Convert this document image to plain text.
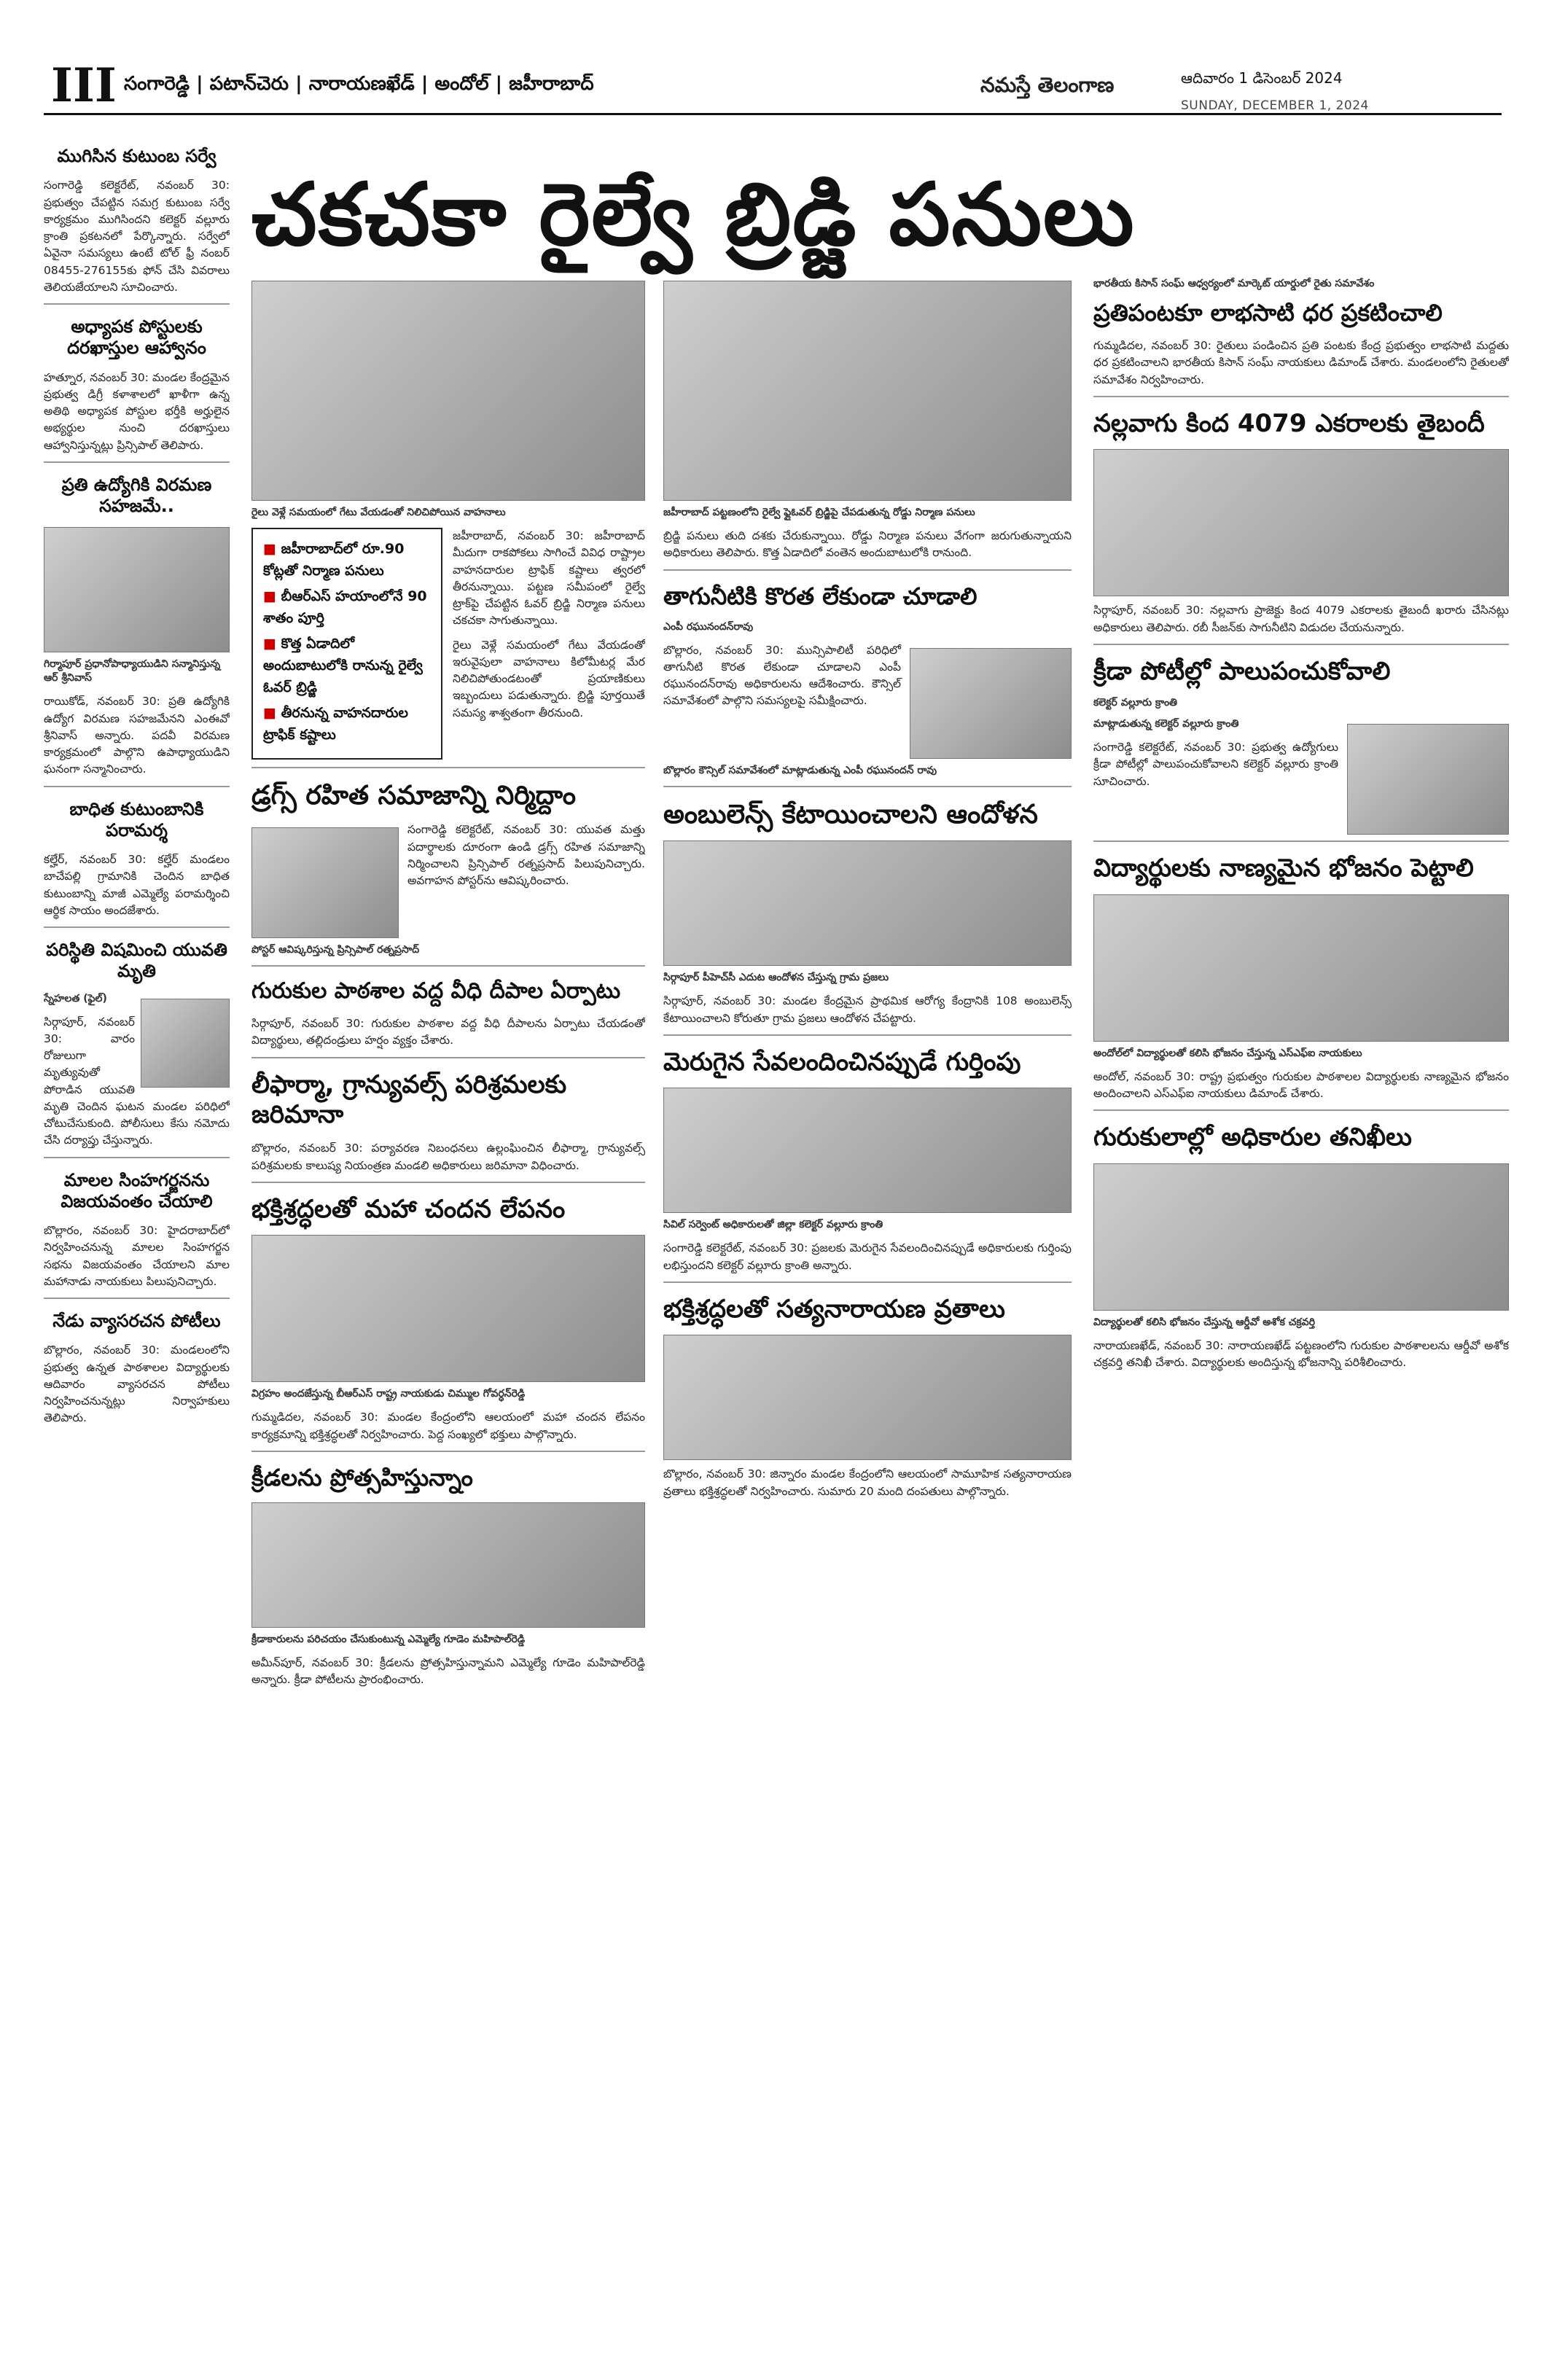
III సంగారెడ్డి | పటాన్‌చెరు | నారాయణఖేడ్ | అందోల్ | జహీరాబాద్	నమస్తే తెలంగాణ	ఆదివారం 1 డిసెంబర్ 2024
SUNDAY, DECEMBER 1, 2024
చకచకా రైల్వే బ్రిడ్జి పనులు
ముగిసిన కుటుంబ సర్వే
సంగారెడ్డి కలెక్టరేట్, నవంబర్ 30: ప్రభుత్వం చేపట్టిన సమగ్ర కుటుంబ సర్వే కార్యక్రమం ముగిసిందని కలెక్టర్ వల్లూరు క్రాంతి ప్రకటనలో పేర్కొన్నారు. సర్వేలో ఏవైనా సమస్యలు ఉంటే టోల్ ఫ్రీ నంబర్ 08455-276155కు ఫోన్ చేసి వివరాలు తెలియజేయాలని సూచించారు.
అధ్యాపక పోస్టులకు దరఖాస్తుల ఆహ్వానం
హత్నూర, నవంబర్ 30: మండల కేంద్రమైన ప్రభుత్వ డిగ్రీ కళాశాలలో ఖాళీగా ఉన్న అతిథి అధ్యాపక పోస్టుల భర్తీకి అర్హులైన అభ్యర్థుల నుంచి దరఖాస్తులు ఆహ్వానిస్తున్నట్లు ప్రిన్సిపాల్ తెలిపారు.
ప్రతి ఉద్యోగికి విరమణ సహజమే..
గిర్మాపూర్ ప్రధానోపాధ్యాయుడిని సన్మానిస్తున్న ఆర్ శ్రీనివాస్
రాయికోడ్, నవంబర్ 30: ప్రతి ఉద్యోగికి ఉద్యోగ విరమణ సహజమేనని ఎంఈవో శ్రీనివాస్ అన్నారు. పదవీ విరమణ కార్యక్రమంలో పాల్గొని ఉపాధ్యాయుడిని ఘనంగా సన్మానించారు.
బాధిత కుటుంబానికి పరామర్శ
కల్హేర్, నవంబర్ 30: కల్హేర్ మండలం బాచేపల్లి గ్రామానికి చెందిన బాధిత కుటుంబాన్ని మాజీ ఎమ్మెల్యే పరామర్శించి ఆర్థిక సాయం అందజేశారు.
పరిస్థితి విషమించి యువతి మృతి
స్నేహలత (ఫైల్)
సిర్గాపూర్, నవంబర్ 30: వారం రోజులుగా మృత్యువుతో పోరాడిన యువతి మృతి చెందిన ఘటన మండల పరిధిలో చోటుచేసుకుంది. పోలీసులు కేసు నమోదు చేసి దర్యాప్తు చేస్తున్నారు.
మాలల సింహగర్జనను విజయవంతం చేయాలి
బొల్లారం, నవంబర్ 30: హైదరాబాద్‌లో నిర్వహించనున్న మాలల సింహగర్జన సభను విజయవంతం చేయాలని మాల మహానాడు నాయకులు పిలుపునిచ్చారు.
నేడు వ్యాసరచన పోటీలు
బొల్లారం, నవంబర్ 30: మండలంలోని ప్రభుత్వ ఉన్నత పాఠశాలల విద్యార్థులకు ఆదివారం వ్యాసరచన పోటీలు నిర్వహించనున్నట్లు నిర్వాహకులు తెలిపారు.
రైలు వెళ్లే సమయంలో గేటు వేయడంతో నిలిచిపోయిన వాహనాలు
■ జహీరాబాద్‌లో రూ.90 కోట్లతో నిర్మాణ పనులు
■ బీఆర్‌ఎస్ హయాంలోనే 90 శాతం పూర్తి
■ కొత్త ఏడాదిలో అందుబాటులోకి రానున్న రైల్వే ఓవర్ బ్రిడ్జి
■ తీరనున్న వాహనదారుల ట్రాఫిక్ కష్టాలు
జహీరాబాద్, నవంబర్ 30: జహీరాబాద్ మీదుగా రాకపోకలు సాగించే వివిధ రాష్ట్రాల వాహనదారుల ట్రాఫిక్ కష్టాలు త్వరలో తీరనున్నాయి. పట్టణ సమీపంలో రైల్వే ట్రాక్‌పై చేపట్టిన ఓవర్ బ్రిడ్జి నిర్మాణ పనులు చకచకా సాగుతున్నాయి.
రైలు వెళ్లే సమయంలో గేటు వేయడంతో ఇరువైపులా వాహనాలు కిలోమీటర్ల మేర నిలిచిపోతుండటంతో ప్రయాణికులు ఇబ్బందులు పడుతున్నారు. బ్రిడ్జి పూర్తయితే సమస్య శాశ్వతంగా తీరనుంది.
డ్రగ్స్ రహిత సమాజాన్ని నిర్మిద్దాం
సంగారెడ్డి కలెక్టరేట్, నవంబర్ 30: యువత మత్తు పదార్థాలకు దూరంగా ఉండి డ్రగ్స్ రహిత సమాజాన్ని నిర్మించాలని ప్రిన్సిపాల్ రత్నప్రసాద్ పిలుపునిచ్చారు. అవగాహన పోస్టర్‌ను ఆవిష్కరించారు.
పోస్టర్ ఆవిష్కరిస్తున్న ప్రిన్సిపాల్ రత్నప్రసాద్
గురుకుల పాఠశాల వద్ద వీధి దీపాల ఏర్పాటు
సిర్గాపూర్, నవంబర్ 30: గురుకుల పాఠశాల వద్ద వీధి దీపాలను ఏర్పాటు చేయడంతో విద్యార్థులు, తల్లిదండ్రులు హర్షం వ్యక్తం చేశారు.
లీఫార్మా, గ్రాన్యువల్స్ పరిశ్రమలకు జరిమానా
బొల్లారం, నవంబర్ 30: పర్యావరణ నిబంధనలు ఉల్లంఘించిన లీఫార్మా, గ్రాన్యువల్స్ పరిశ్రమలకు కాలుష్య నియంత్రణ మండలి అధికారులు జరిమానా విధించారు.
భక్తిశ్రద్ధలతో మహా చందన లేపనం
విగ్రహం అందజేస్తున్న బీఆర్‌ఎస్ రాష్ట్ర నాయకుడు చిమ్ముల గోవర్ధన్‌రెడ్డి
గుమ్మడిదల, నవంబర్ 30: మండల కేంద్రంలోని ఆలయంలో మహా చందన లేపనం కార్యక్రమాన్ని భక్తిశ్రద్ధలతో నిర్వహించారు. పెద్ద సంఖ్యలో భక్తులు పాల్గొన్నారు.
క్రీడలను ప్రోత్సహిస్తున్నాం
క్రీడాకారులను పరిచయం చేసుకుంటున్న ఎమ్మెల్యే గూడెం మహిపాల్‌రెడ్డి
అమీన్‌పూర్, నవంబర్ 30: క్రీడలను ప్రోత్సహిస్తున్నామని ఎమ్మెల్యే గూడెం మహిపాల్‌రెడ్డి అన్నారు. క్రీడా పోటీలను ప్రారంభించారు.
జహీరాబాద్ పట్టణంలోని రైల్వే ఫ్లైఓవర్ బ్రిడ్జిపై చేపడుతున్న రోడ్డు నిర్మాణ పనులు
బ్రిడ్జి పనులు తుది దశకు చేరుకున్నాయి. రోడ్డు నిర్మాణ పనులు వేగంగా జరుగుతున్నాయని అధికారులు తెలిపారు. కొత్త ఏడాదిలో వంతెన అందుబాటులోకి రానుంది.
తాగునీటికి కొరత లేకుండా చూడాలి
ఎంపీ రఘునందన్‌రావు
బొల్లారం, నవంబర్ 30: మున్సిపాలిటీ పరిధిలో తాగునీటి కొరత లేకుండా చూడాలని ఎంపీ రఘునందన్‌రావు అధికారులను ఆదేశించారు. కౌన్సిల్ సమావేశంలో పాల్గొని సమస్యలపై సమీక్షించారు.
బొల్లారం కౌన్సిల్ సమావేశంలో మాట్లాడుతున్న ఎంపీ రఘునందన్ రావు
అంబులెన్స్ కేటాయించాలని ఆందోళన
సిర్గాపూర్ పీహెచ్‌సీ ఎదుట ఆందోళన చేస్తున్న గ్రామ ప్రజలు
సిర్గాపూర్, నవంబర్ 30: మండల కేంద్రమైన ప్రాథమిక ఆరోగ్య కేంద్రానికి 108 అంబులెన్స్ కేటాయించాలని కోరుతూ గ్రామ ప్రజలు ఆందోళన చేపట్టారు.
మెరుగైన సేవలందించినప్పుడే గుర్తింపు
సివిల్ సర్వెంట్ అధికారులతో జిల్లా కలెక్టర్ వల్లూరు క్రాంతి
సంగారెడ్డి కలెక్టరేట్, నవంబర్ 30: ప్రజలకు మెరుగైన సేవలందించినప్పుడే అధికారులకు గుర్తింపు లభిస్తుందని కలెక్టర్ వల్లూరు క్రాంతి అన్నారు.
భక్తిశ్రద్ధలతో సత్యనారాయణ వ్రతాలు
బొల్లారం, నవంబర్ 30: జిన్నారం మండల కేంద్రంలోని ఆలయంలో సామూహిక సత్యనారాయణ వ్రతాలు భక్తిశ్రద్ధలతో నిర్వహించారు. సుమారు 20 మంది దంపతులు పాల్గొన్నారు.
భారతీయ కిసాన్ సంఘ్ ఆధ్వర్యంలో మార్కెట్ యార్డులో రైతు సమావేశం
ప్రతిపంటకూ లాభసాటి ధర ప్రకటించాలి
గుమ్మడిదల, నవంబర్ 30: రైతులు పండించిన ప్రతి పంటకు కేంద్ర ప్రభుత్వం లాభసాటి మద్దతు ధర ప్రకటించాలని భారతీయ కిసాన్ సంఘ్ నాయకులు డిమాండ్ చేశారు. మండలంలోని రైతులతో సమావేశం నిర్వహించారు.
నల్లవాగు కింద 4079 ఎకరాలకు తైబందీ
సిర్గాపూర్, నవంబర్ 30: నల్లవాగు ప్రాజెక్టు కింద 4079 ఎకరాలకు తైబందీ ఖరారు చేసినట్లు అధికారులు తెలిపారు. రబీ సీజన్‌కు సాగునీటిని విడుదల చేయనున్నారు.
క్రీడా పోటీల్లో పాలుపంచుకోవాలి
కలెక్టర్ వల్లూరు క్రాంతి
మాట్లాడుతున్న కలెక్టర్ వల్లూరు క్రాంతి
సంగారెడ్డి కలెక్టరేట్, నవంబర్ 30: ప్రభుత్వ ఉద్యోగులు క్రీడా పోటీల్లో పాలుపంచుకోవాలని కలెక్టర్ వల్లూరు క్రాంతి సూచించారు.
విద్యార్థులకు నాణ్యమైన భోజనం పెట్టాలి
అందోల్‌లో విద్యార్థులతో కలిసి భోజనం చేస్తున్న ఎస్‌ఎఫ్‌ఐ నాయకులు
అందోల్, నవంబర్ 30: రాష్ట్ర ప్రభుత్వం గురుకుల పాఠశాలల విద్యార్థులకు నాణ్యమైన భోజనం అందించాలని ఎస్‌ఎఫ్‌ఐ నాయకులు డిమాండ్ చేశారు.
గురుకులాల్లో అధికారుల తనిఖీలు
విద్యార్థులతో కలిసి భోజనం చేస్తున్న ఆర్డీవో అశోక చక్రవర్తి
నారాయణఖేడ్, నవంబర్ 30: నారాయణఖేడ్ పట్టణంలోని గురుకుల పాఠశాలలను ఆర్డీవో అశోక చక్రవర్తి తనిఖీ చేశారు. విద్యార్థులకు అందిస్తున్న భోజనాన్ని పరిశీలించారు.
